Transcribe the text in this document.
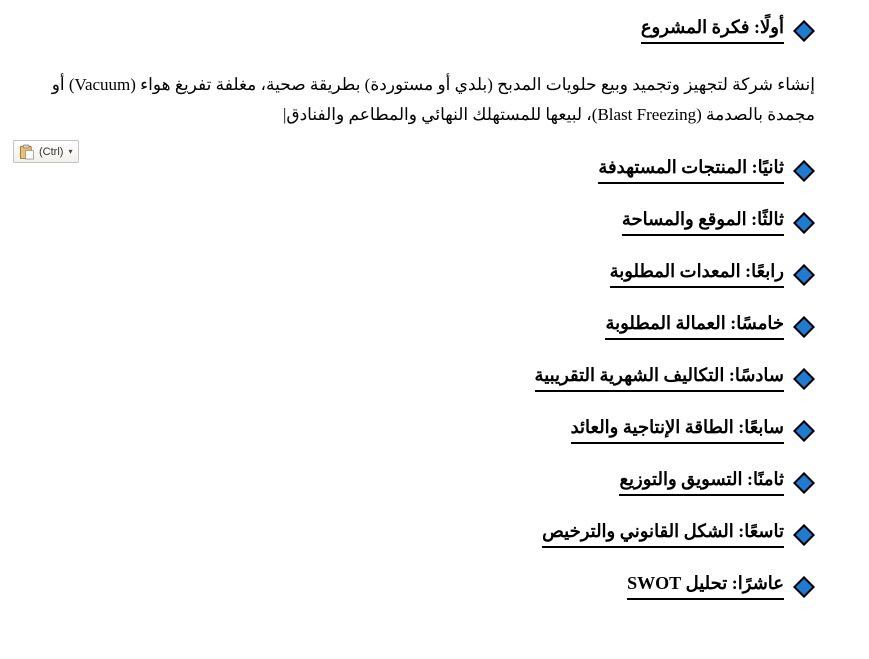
أولًا: فكرة المشروع

إنشاء شركة لتجهيز وتجميد وبيع حلويات المدبح (بلدي أو مستوردة) بطريقة صحية، مغلفة تفريغ هواء (Vacuum) أو مجمدة بالصدمة (Blast Freezing)، لبيعها للمستهلك النهائي والمطاعم والفنادق|

ثانيًا: المنتجات المستهدفة
ثالثًا: الموقع والمساحة
رابعًا: المعدات المطلوبة
خامسًا: العمالة المطلوبة
سادسًا: التكاليف الشهرية التقريبية
سابعًا: الطاقة الإنتاجية والعائد
ثامنًا: التسويق والتوزيع
تاسعًا: الشكل القانوني والترخيص
عاشرًا: تحليل SWOT
(Ctrl) ▾
